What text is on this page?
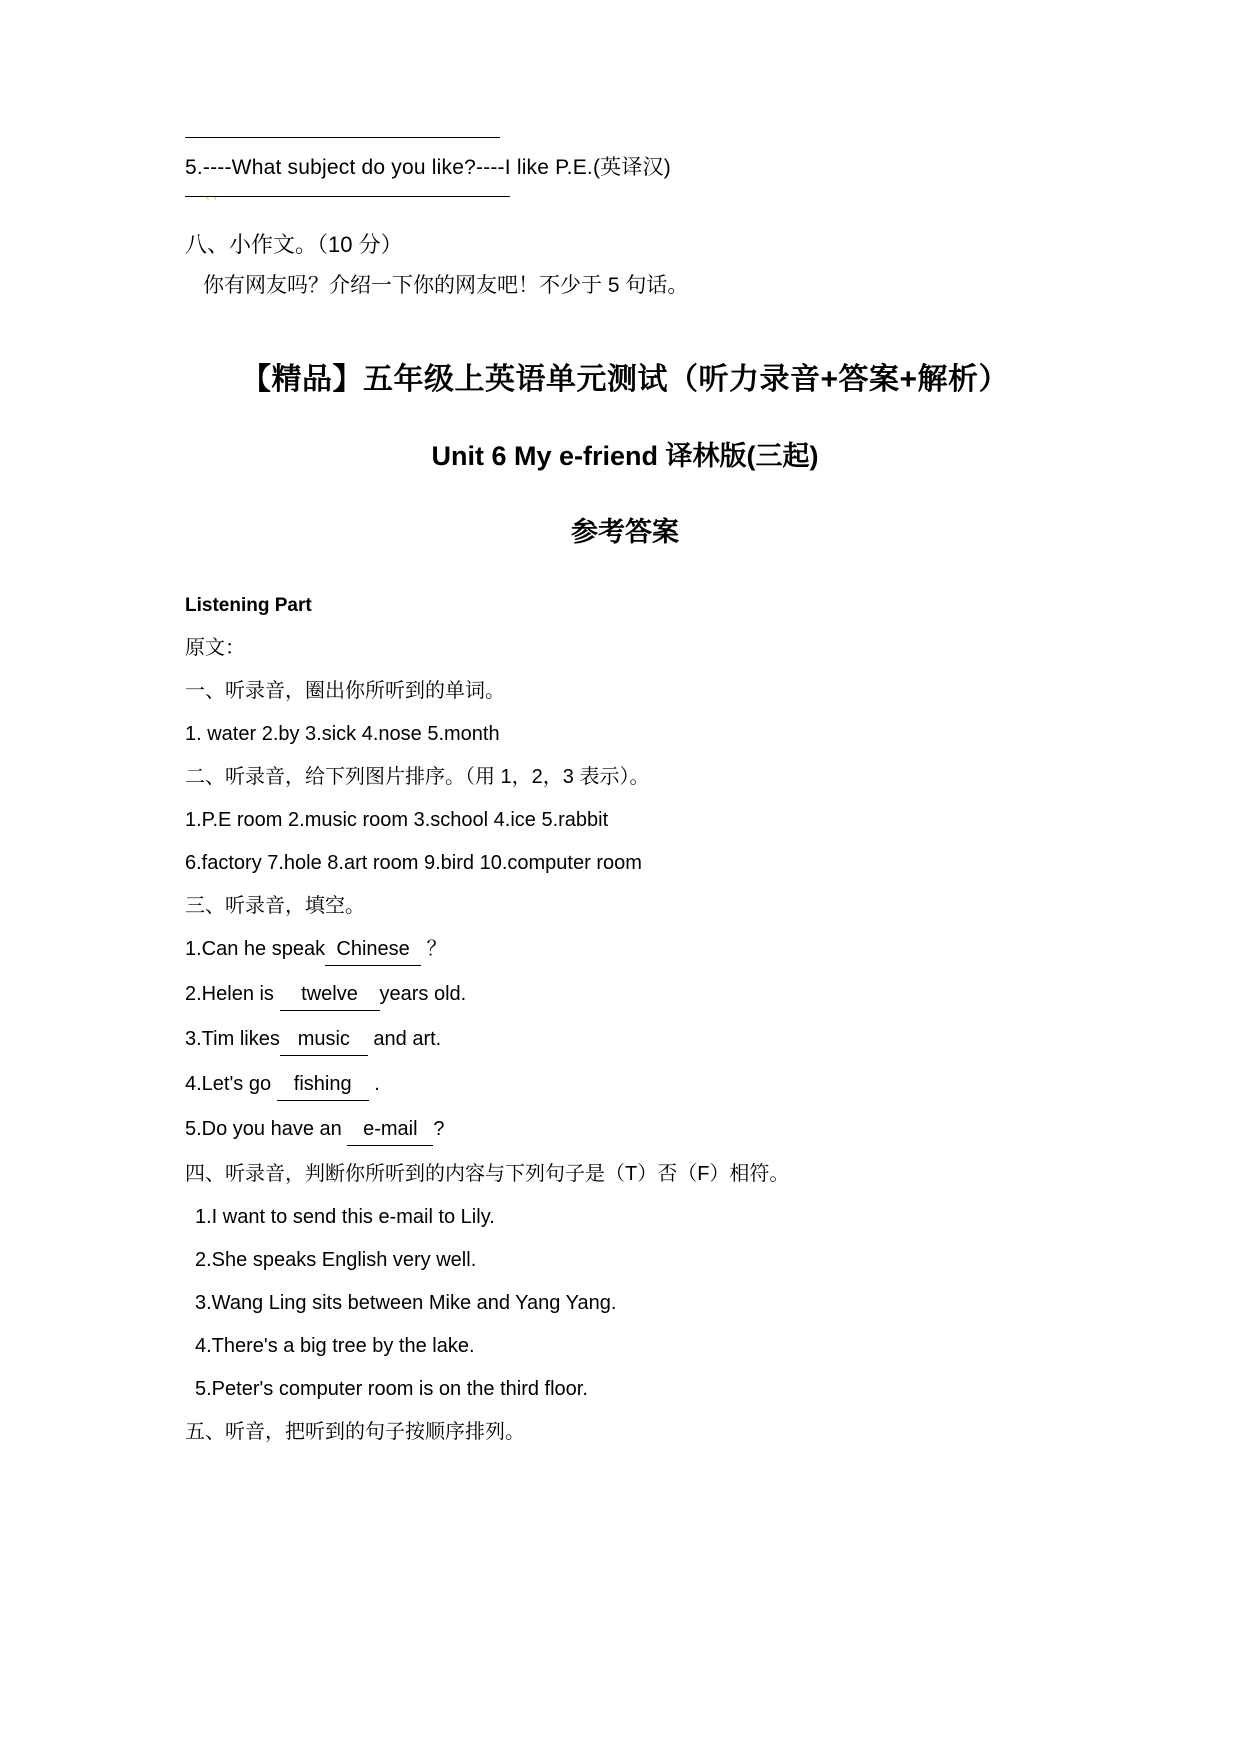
5.----What subject do you like?----I like P.E.(英译汉)
、、
八、小作文。（10 分）
你有网友吗？介绍一下你的网友吧！不少于 5 句话。
【精品】五年级上英语单元测试（听力录音+答案+解析）
Unit 6 My e-friend 译林版(三起)
参考答案
Listening Part
原文：
一、听录音，圈出你所听到的单词。
1. water 2.by 3.sick 4.nose 5.month
二、听录音，给下列图片排序。（用 1，2，3 表示）。
1.P.E room 2.music room 3.school 4.ice 5.rabbit
6.factory 7.hole 8.art room 9.bird 10.computer room
三、听录音，填空。
1.Can he speak Chinese ？
2.Helen is twelve years old.
3.Tim likes music and art.
4.Let's go fishing .
5.Do you have an e-mail ?
四、听录音，判断你所听到的内容与下列句子是（T）否（F）相符。
1.I want to send this e-mail to Lily.
2.She speaks English very well.
3.Wang Ling sits between Mike and Yang Yang.
4.There's a big tree by the lake.
5.Peter's computer room is on the third floor.
五、听音，把听到的句子按顺序排列。
